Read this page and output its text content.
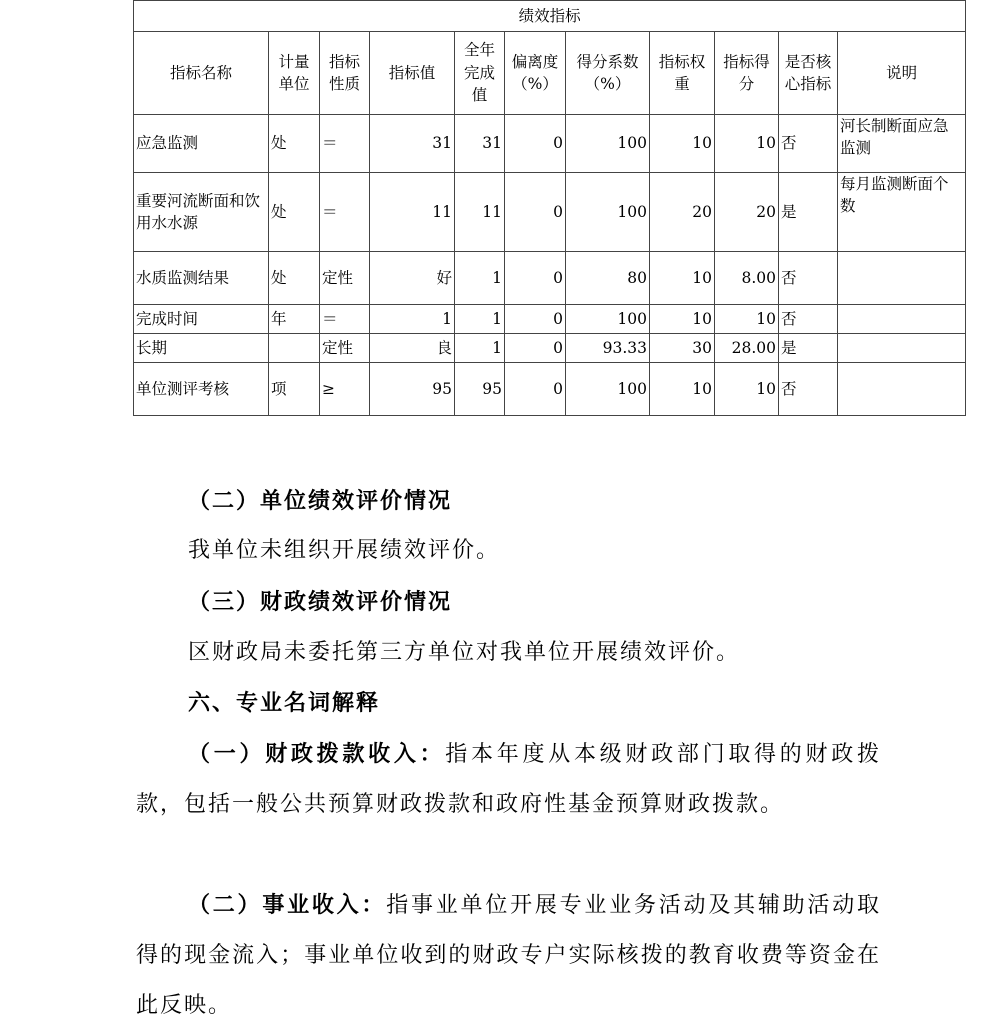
绩效指标										
指标名称	计量单位	指标性质	指标值	全年完成值	偏离度（%）	得分系数（%）	指标权重	指标得分	是否核心指标	说明
应急监测	处	＝	31	31	0	100	10	10	否	河长制断面应急监测
重要河流断面和饮用水水源	处	＝	11	11	0	100	20	20	是	每月监测断面个数
水质监测结果	处	定性	好	1	0	80	10	8.00	否	
完成时间	年	＝	1	1	0	100	10	10	否	
长期		定性	良	1	0	93.33	30	28.00	是	
单位测评考核	项	≥	95	95	0	100	10	10	否	

（二）单位绩效评价情况

我单位未组织开展绩效评价。

（三）财政绩效评价情况

区财政局未委托第三方单位对我单位开展绩效评价。

六、专业名词解释

（一）财政拨款收入：指本年度从本级财政部门取得的财政拨款，包括一般公共预算财政拨款和政府性基金预算财政拨款。

（二）事业收入：指事业单位开展专业业务活动及其辅助活动取得的现金流入；事业单位收到的财政专户实际核拨的教育收费等资金在此反映。
